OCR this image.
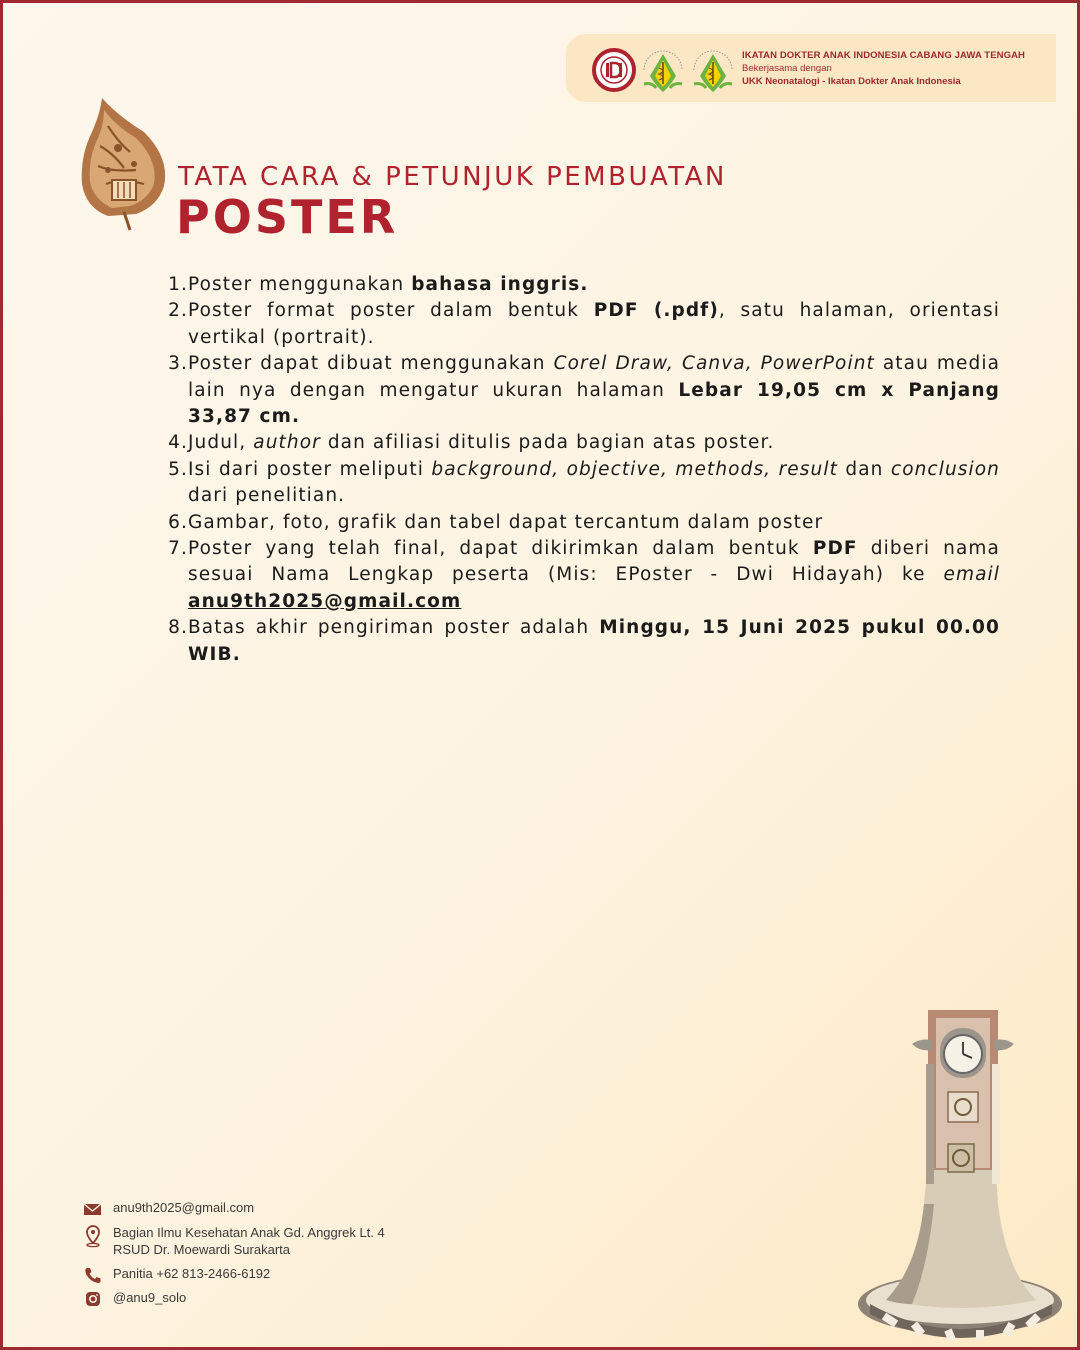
IKATAN DOKTER ANAK INDONESIA CABANG JAWA TENGAH
Bekerjasama dengan
UKK Neonatalogi - Ikatan Dokter Anak Indonesia
TATA CARA & PETUNJUK PEMBUATAN
POSTER
1. Poster menggunakan bahasa inggris.
2. Poster format poster dalam bentuk PDF (.pdf), satu halaman, orientasi vertikal (portrait).
3. Poster dapat dibuat menggunakan Corel Draw, Canva, PowerPoint atau media lain nya dengan mengatur ukuran halaman Lebar 19,05 cm x Panjang 33,87 cm.
4. Judul, author dan afiliasi ditulis pada bagian atas poster.
5. Isi dari poster meliputi background, objective, methods, result dan conclusion dari penelitian.
6. Gambar, foto, grafik dan tabel dapat tercantum dalam poster
7. Poster yang telah final, dapat dikirimkan dalam bentuk PDF diberi nama sesuai Nama Lengkap peserta (Mis: EPoster - Dwi Hidayah) ke email anu9th2025@gmail.com
8. Batas akhir pengiriman poster adalah Minggu, 15 Juni 2025 pukul 00.00 WIB.
anu9th2025@gmail.com
Bagian Ilmu Kesehatan Anak Gd. Anggrek Lt. 4
RSUD Dr. Moewardi Surakarta
Panitia +62 813-2466-6192
@anu9_solo
